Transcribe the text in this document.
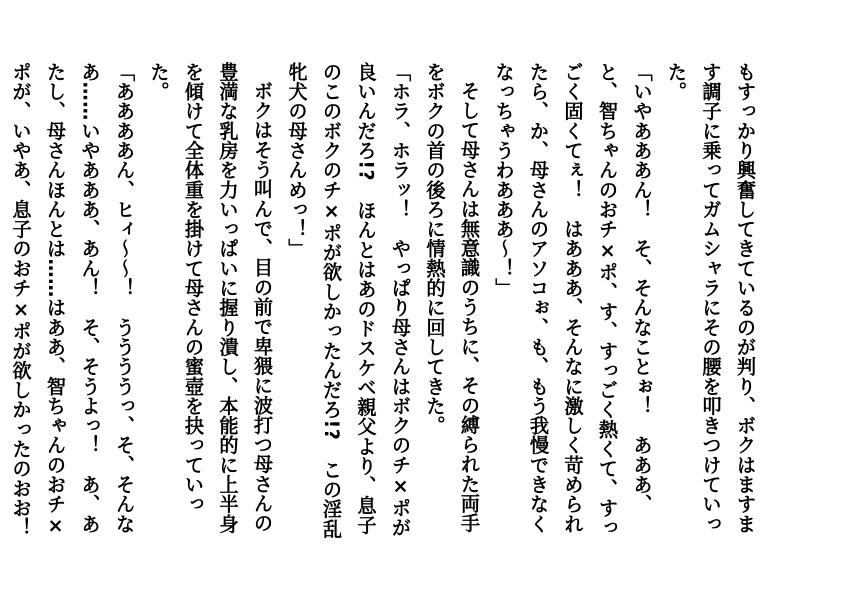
もすっかり興奮してきているのが判り、ボクはますます調子に乗ってガムシャラにその腰を叩きつけていった。

「いやあああん！　そ、そんなことぉ！　あああ、と、智ちゃんのおチ×ポ、す、すっごく熱くて、すっごく固くてぇ！　はあああ、そんなに激しく苛められたら、か、母さんのアソコぉ、も、もう我慢できなくなっちゃうわあああ～！」

そして母さんは無意識のうちに、その縛られた両手をボクの首の後ろに情熱的に回してきた。

「ホラ、ホラッ！　やっぱり母さんはボクのチ×ポが良いんだろ!?　ほんとはあのドスケベ親父より、息子のこのボクのチ×ポが欲しかったんだろ!?　この淫乱牝犬の母さんめっ！」

ボクはそう叫んで、目の前で卑猥に波打つ母さんの豊満な乳房を力いっぱいに握り潰し、本能的に上半身を傾けて全体重を掛けて母さんの蜜壺を抉っていった。

「ああああん、ヒィ～～！　ううううっ、そ、そんなあ……いやあああ、あん！　そ、そうよっ！　あ、あたし、母さんほんとは……はああ、智ちゃんのおチ×ポが、いやあ、息子のおチ×ポが欲しかったのおお！
